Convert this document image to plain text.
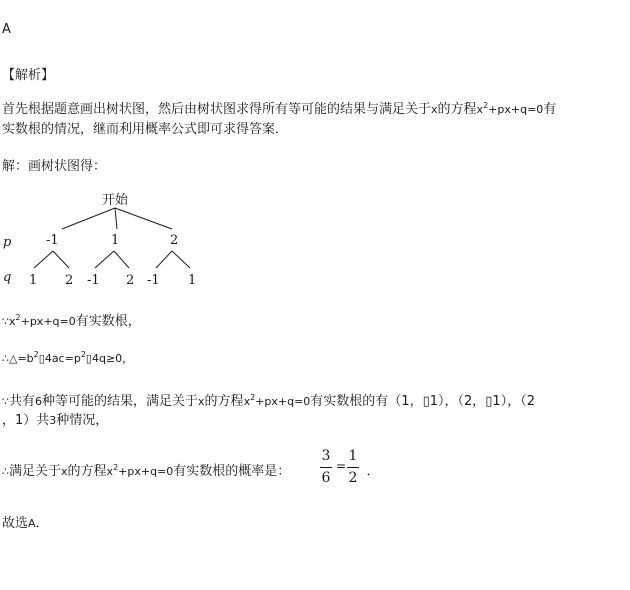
A
【解析】
首先根据题意画出树状图，然后由树状图求得所有等可能的结果与满足关于x的方程$x^2+px+q=0$有
实数根的情况，继而利用概率公式即可求得答案．
解：画树状图得：
开始
p	-1	1	2
q 1 2 -1 2 -1 1
$\because x^2+px+q=0$有实数根，
$\therefore\triangle=b^2▯4ac=p^2▯4q\ge 0$，
∵共有6种等可能的结果，满足关于x的方程$x^2+px+q=0$有实数根的有（1，▯1），（2，▯1），（2
，1）共3种情况，
∴满足关于x的方程$x^2+px+q=0$有实数根的概率是：
3
6
=
1
2 ．
故选A．
